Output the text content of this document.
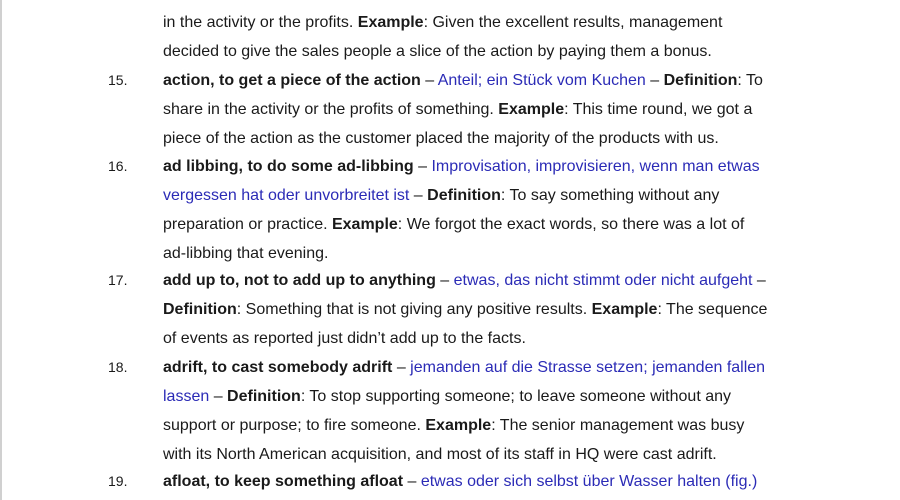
in the activity or the profits. Example: Given the excellent results, management
decided to give the sales people a slice of the action by paying them a bonus.
15.	action, to get a piece of the action – Anteil; ein Stück vom Kuchen – Definition: To
share in the activity or the profits of something. Example: This time round, we got a
piece of the action as the customer placed the majority of the products with us.
16.	ad libbing, to do some ad-libbing – Improvisation, improvisieren, wenn man etwas
vergessen hat oder unvorbreitet ist – Definition: To say something without any
preparation or practice. Example: We forgot the exact words, so there was a lot of
ad-libbing that evening.
17.	add up to, not to add up to anything – etwas, das nicht stimmt oder nicht aufgeht –
Definition: Something that is not giving any positive results. Example: The sequence
of events as reported just didn’t add up to the facts.
18.	adrift, to cast somebody adrift – jemanden auf die Strasse setzen; jemanden fallen
lassen – Definition: To stop supporting someone; to leave someone without any
support or purpose; to fire someone. Example: The senior management was busy
with its North American acquisition, and most of its staff in HQ were cast adrift.
19.	afloat, to keep something afloat – etwas oder sich selbst über Wasser halten (fig.)
